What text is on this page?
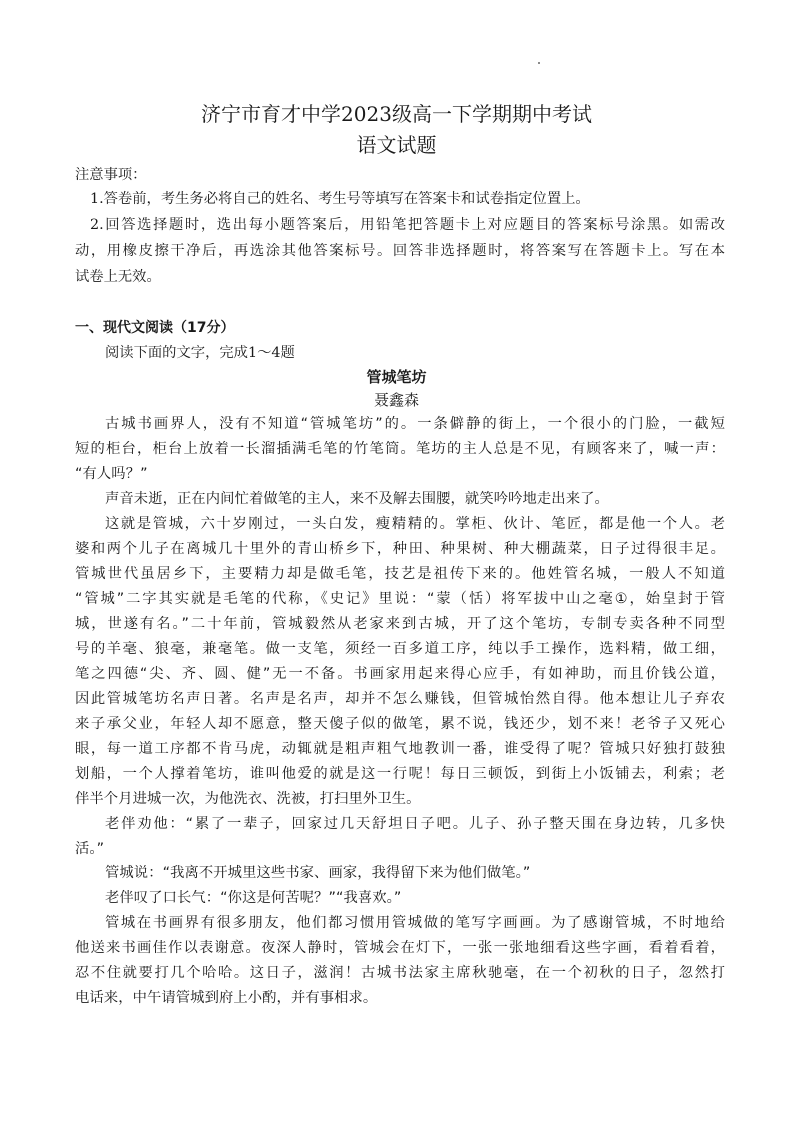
济宁市育才中学2023级高一下学期期中考试
语文试题
注意事项：
1.答卷前，考生务必将自己的姓名、考生号等填写在答案卡和试卷指定位置上。
2.回答选择题时，选出每小题答案后，用铅笔把答题卡上对应题目的答案标号涂黑。如需改
动，用橡皮擦干净后，再选涂其他答案标号。回答非选择题时，将答案写在答题卡上。写在本
试卷上无效。
一、现代文阅读（17分）
阅读下面的文字，完成1～4题
管城笔坊
聂鑫森
古城书画界人，没有不知道“管城笔坊”的。一条僻静的街上，一个很小的门脸，一截短
短的柜台，柜台上放着一长溜插满毛笔的竹笔筒。笔坊的主人总是不见，有顾客来了，喊一声：
“有人吗？”
声音未逝，正在内间忙着做笔的主人，来不及解去围腰，就笑吟吟地走出来了。
这就是管城，六十岁刚过，一头白发，瘦精精的。掌柜、伙计、笔匠，都是他一个人。老
婆和两个儿子在离城几十里外的青山桥乡下，种田、种果树、种大棚蔬菜，日子过得很丰足。
管城世代虽居乡下，主要精力却是做毛笔，技艺是祖传下来的。他姓管名城，一般人不知道
“管城”二字其实就是毛笔的代称，《史记》里说：“蒙（恬）将军拔中山之毫①，始皇封于管
城，世遂有名。”二十年前，管城毅然从老家来到古城，开了这个笔坊，专制专卖各种不同型
号的羊毫、狼毫，兼毫笔。做一支笔，须经一百多道工序，纯以手工操作，选料精，做工细，
笔之四德“尖、齐、圆、健”无一不备。书画家用起来得心应手，有如神助，而且价钱公道，
因此管城笔坊名声日著。名声是名声，却并不怎么赚钱，但管城怡然自得。他本想让儿子弃农
来子承父业，年轻人却不愿意，整天傻子似的做笔，累不说，钱还少，划不来！老爷子又死心
眼，每一道工序都不肯马虎，动辄就是粗声粗气地教训一番，谁受得了呢？管城只好独打鼓独
划船，一个人撑着笔坊，谁叫他爱的就是这一行呢！每日三顿饭，到街上小饭铺去，利索；老
伴半个月进城一次，为他洗衣、洗被，打扫里外卫生。
老伴劝他：“累了一辈子，回家过几天舒坦日子吧。儿子、孙子整天围在身边转，几多快
活。”
管城说：“我离不开城里这些书家、画家，我得留下来为他们做笔。”
老伴叹了口长气：“你这是何苦呢？”“我喜欢。”
管城在书画界有很多朋友，他们都习惯用管城做的笔写字画画。为了感谢管城，不时地给
他送来书画佳作以表谢意。夜深人静时，管城会在灯下，一张一张地细看这些字画，看着看着，
忍不住就要打几个哈哈。这日子，滋润！古城书法家主席秋驰毫，在一个初秋的日子，忽然打
电话来，中午请管城到府上小酌，并有事相求。
